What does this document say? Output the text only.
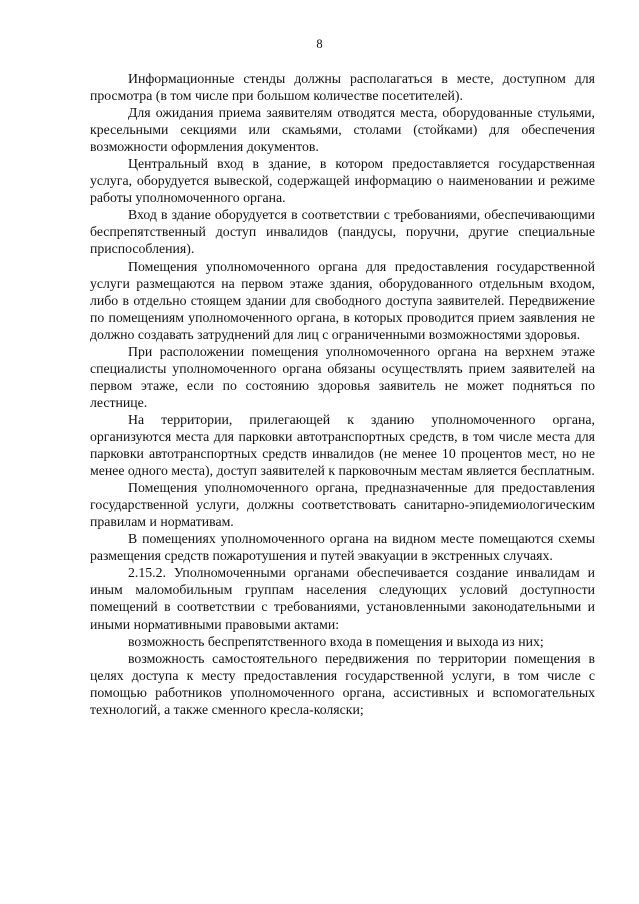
8

Информационные стенды должны располагаться в месте, доступном для просмотра (в том числе при большом количестве посетителей).

Для ожидания приема заявителям отводятся места, оборудованные стульями, кресельными секциями или скамьями, столами (стойками) для обеспечения возможности оформления документов.

Центральный вход в здание, в котором предоставляется государственная услуга, оборудуется вывеской, содержащей информацию о наименовании и режиме работы уполномоченного органа.

Вход в здание оборудуется в соответствии с требованиями, обеспечивающими беспрепятственный доступ инвалидов (пандусы, поручни, другие специальные приспособления).

Помещения уполномоченного органа для предоставления государственной услуги размещаются на первом этаже здания, оборудованного отдельным входом, либо в отдельно стоящем здании для свободного доступа заявителей. Передвижение по помещениям уполномоченного органа, в которых проводится прием заявления не должно создавать затруднений для лиц с ограниченными возможностями здоровья.

При расположении помещения уполномоченного органа на верхнем этаже специалисты уполномоченного органа обязаны осуществлять прием заявителей на первом этаже, если по состоянию здоровья заявитель не может подняться по лестнице.

На территории, прилегающей к зданию уполномоченного органа, организуются места для парковки автотранспортных средств, в том числе места для парковки автотранспортных средств инвалидов (не менее 10 процентов мест, но не менее одного места), доступ заявителей к парковочным местам является бесплатным.

Помещения уполномоченного органа, предназначенные для предоставления государственной услуги, должны соответствовать санитарно-эпидемиологическим правилам и нормативам.

В помещениях уполномоченного органа на видном месте помещаются схемы размещения средств пожаротушения и путей эвакуации в экстренных случаях.

2.15.2. Уполномоченными органами обеспечивается создание инвалидам и иным маломобильным группам населения следующих условий доступности помещений в соответствии с требованиями, установленными законодательными и иными нормативными правовыми актами:

возможность беспрепятственного входа в помещения и выхода из них;

возможность самостоятельного передвижения по территории помещения в целях доступа к месту предоставления государственной услуги, в том числе с помощью работников уполномоченного органа, ассистивных и вспомогательных технологий, а также сменного кресла-коляски;
